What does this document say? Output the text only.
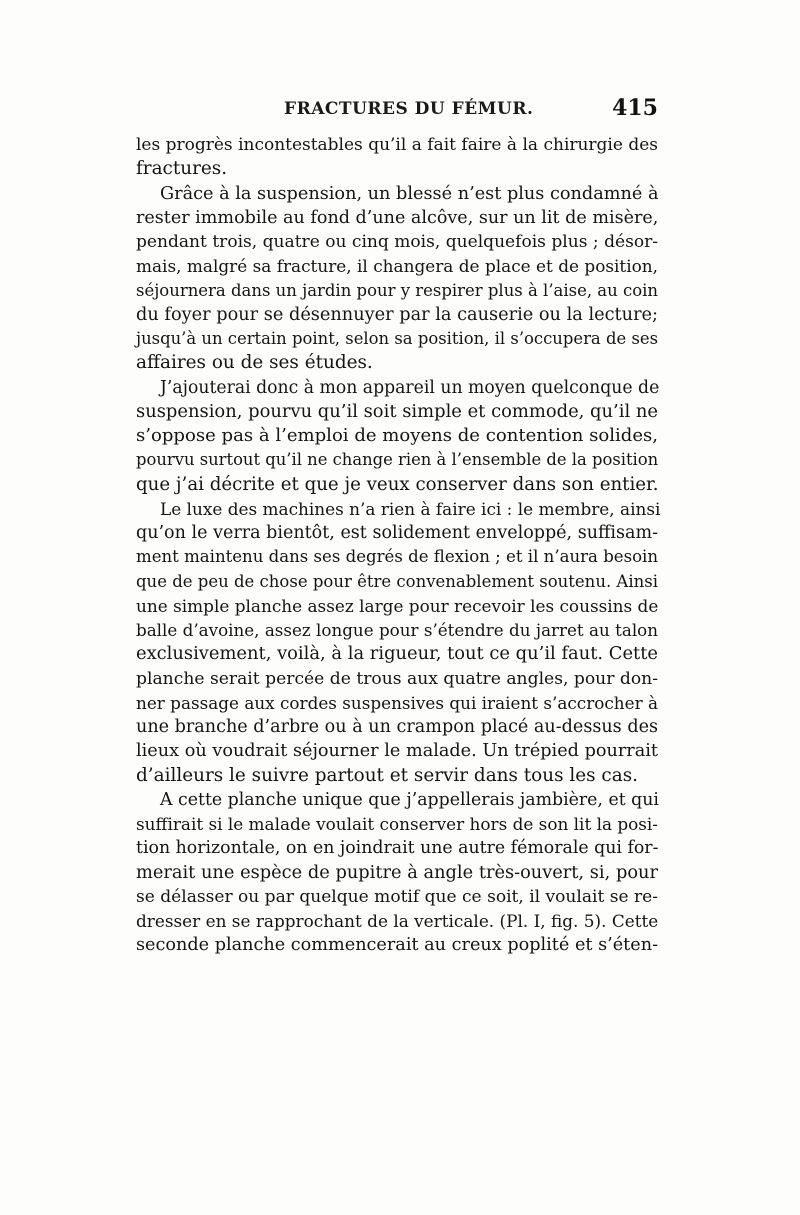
FRACTURES DU FÉMUR.	415
les progrès incontestables qu’il a fait faire à la chirurgie des
fractures.
Grâce à la suspension, un blessé n’est plus condamné à
rester immobile au fond d’une alcôve, sur un lit de misère,
pendant trois, quatre ou cinq mois, quelquefois plus ; désor-
mais, malgré sa fracture, il changera de place et de position,
séjournera dans un jardin pour y respirer plus à l’aise, au coin
du foyer pour se désennuyer par la causerie ou la lecture;
jusqu’à un certain point, selon sa position, il s’occupera de ses
affaires ou de ses études.
J’ajouterai donc à mon appareil un moyen quelconque de
suspension, pourvu qu’il soit simple et commode, qu’il ne
s’oppose pas à l’emploi de moyens de contention solides,
pourvu surtout qu’il ne change rien à l’ensemble de la position
que j’ai décrite et que je veux conserver dans son entier.
Le luxe des machines n’a rien à faire ici : le membre, ainsi
qu’on le verra bientôt, est solidement enveloppé, suffisam-
ment maintenu dans ses degrés de flexion ; et il n’aura besoin
que de peu de chose pour être convenablement soutenu. Ainsi
une simple planche assez large pour recevoir les coussins de
balle d’avoine, assez longue pour s’étendre du jarret au talon
exclusivement, voilà, à la rigueur, tout ce qu’il faut. Cette
planche serait percée de trous aux quatre angles, pour don-
ner passage aux cordes suspensives qui iraient s’accrocher à
une branche d’arbre ou à un crampon placé au-dessus des
lieux où voudrait séjourner le malade. Un trépied pourrait
d’ailleurs le suivre partout et servir dans tous les cas.
A cette planche unique que j’appellerais jambière, et qui
suffirait si le malade voulait conserver hors de son lit la posi-
tion horizontale, on en joindrait une autre fémorale qui for-
merait une espèce de pupitre à angle très-ouvert, si, pour
se délasser ou par quelque motif que ce soit, il voulait se re-
dresser en se rapprochant de la verticale. (Pl. I, fig. 5). Cette
seconde planche commencerait au creux poplité et s’éten-
